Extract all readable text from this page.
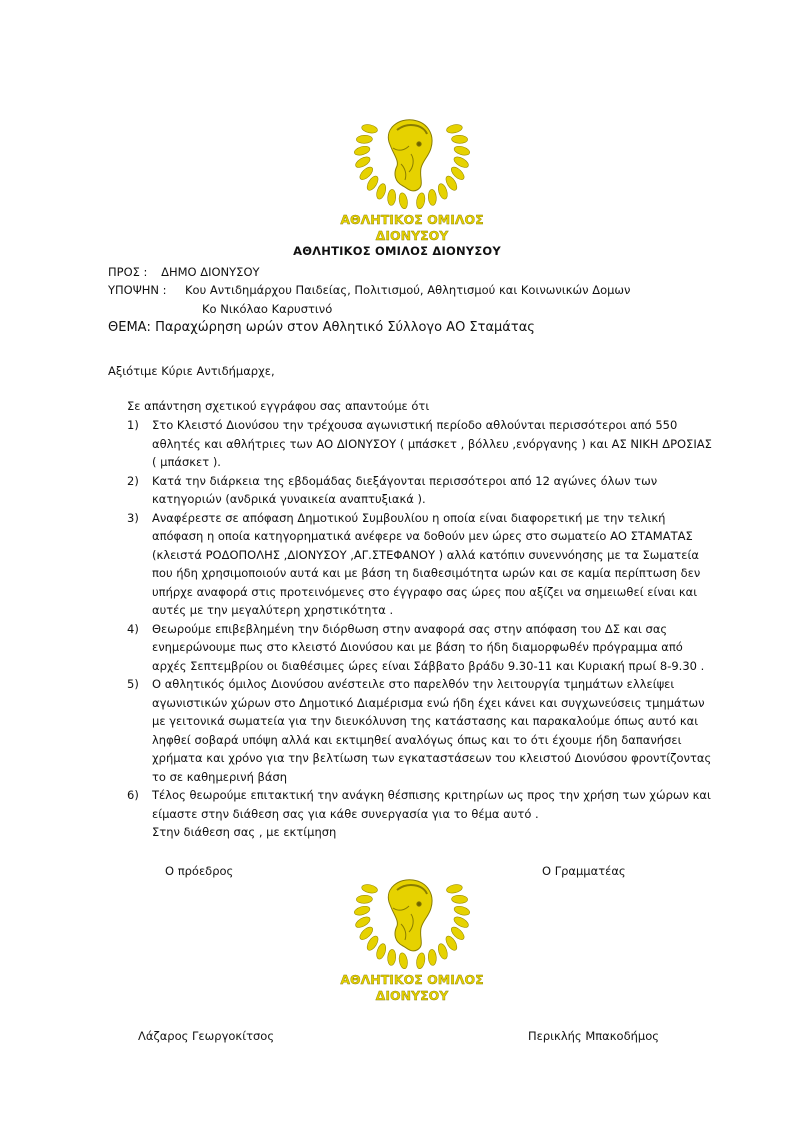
ΑΘΛΗΤΙΚΟΣ ΟΜΙΛΟΣ
ΔΙΟΝΥΣΟΥ
ΑΘΛΗΤΙΚΟΣ ΟΜΙΛΟΣ ΔΙΟΝΥΣΟΥ
ΠΡΟΣ : ΔΗΜΟ ΔΙΟΝΥΣΟΥ
ΥΠΟΨΗΝ : Κου Αντιδημάρχου Παιδείας, Πολιτισμού, Αθλητισμού και Κοινωνικών Δομων
Κο Νικόλαο Καρυστινό
ΘΕΜΑ: Παραχώρηση ωρών στον Αθλητικό Σύλλογο ΑΟ Σταμάτας
Αξιότιμε Κύριε Αντιδήμαρχε,
Σε απάντηση σχετικού εγγράφου σας απαντούμε ότι
1) Στο Κλειστό Διονύσου την τρέχουσα αγωνιστική περίοδο αθλούνται περισσότεροι από 550 αθλητές και αθλήτριες των ΑΟ ΔΙΟΝΥΣΟΥ ( μπάσκετ , βόλλευ ,ενόργανης ) και ΑΣ ΝΙΚΗ ΔΡΟΣΙΑΣ ( μπάσκετ ).
2) Κατά την διάρκεια της εβδομάδας διεξάγονται περισσότεροι από 12 αγώνες όλων των κατηγοριών (ανδρικά γυναικεία αναπτυξιακά ).
3) Αναφέρεστε σε απόφαση Δημοτικού Συμβουλίου η οποία είναι διαφορετική με την τελική απόφαση η οποία κατηγορηματικά ανέφερε να δοθούν μεν ώρες στο σωματείο ΑΟ ΣΤΑΜΑΤΑΣ (κλειστά ΡΟΔΟΠΟΛΗΣ ,ΔΙΟΝΥΣΟΥ ,ΑΓ.ΣΤΕΦΑΝΟΥ ) αλλά κατόπιν συνεννόησης με τα Σωματεία που ήδη χρησιμοποιούν αυτά και με βάση τη διαθεσιμότητα ωρών και σε καμία περίπτωση δεν υπήρχε αναφορά στις προτεινόμενες στο έγγραφο σας ώρες που αξίζει να σημειωθεί είναι και αυτές με την μεγαλύτερη χρηστικότητα .
4) Θεωρούμε επιβεβλημένη την διόρθωση στην αναφορά σας στην απόφαση του ΔΣ και σας ενημερώνουμε πως στο κλειστό Διονύσου και με βάση το ήδη διαμορφωθέν πρόγραμμα από αρχές Σεπτεμβρίου οι διαθέσιμες ώρες είναι Σάββατο βράδυ 9.30-11 και Κυριακή πρωί 8-9.30 .
5) Ο αθλητικός όμιλος Διονύσου ανέστειλε στο παρελθόν την λειτουργία τμημάτων ελλείψει αγωνιστικών χώρων στο Δημοτικό Διαμέρισμα ενώ ήδη έχει κάνει και συγχωνεύσεις τμημάτων με γειτονικά σωματεία για την διευκόλυνση της κατάστασης και παρακαλούμε όπως αυτό και ληφθεί σοβαρά υπόψη αλλά και εκτιμηθεί αναλόγως όπως και το ότι έχουμε ήδη δαπανήσει χρήματα και χρόνο για την βελτίωση των εγκαταστάσεων του κλειστού Διονύσου φροντίζοντας το σε καθημερινή βάση
6) Τέλος θεωρούμε επιτακτική την ανάγκη θέσπισης κριτηρίων ως προς την χρήση των χώρων και είμαστε στην διάθεση σας για κάθε συνεργασία για το θέμα αυτό .
Στην διάθεση σας , με εκτίμηση
Ο πρόεδρος	Ο Γραμματέας
ΑΘΛΗΤΙΚΟΣ ΟΜΙΛΟΣ
ΔΙΟΝΥΣΟΥ
Λάζαρος Γεωργοκίτσος	Περικλής Μπακοδήμος
